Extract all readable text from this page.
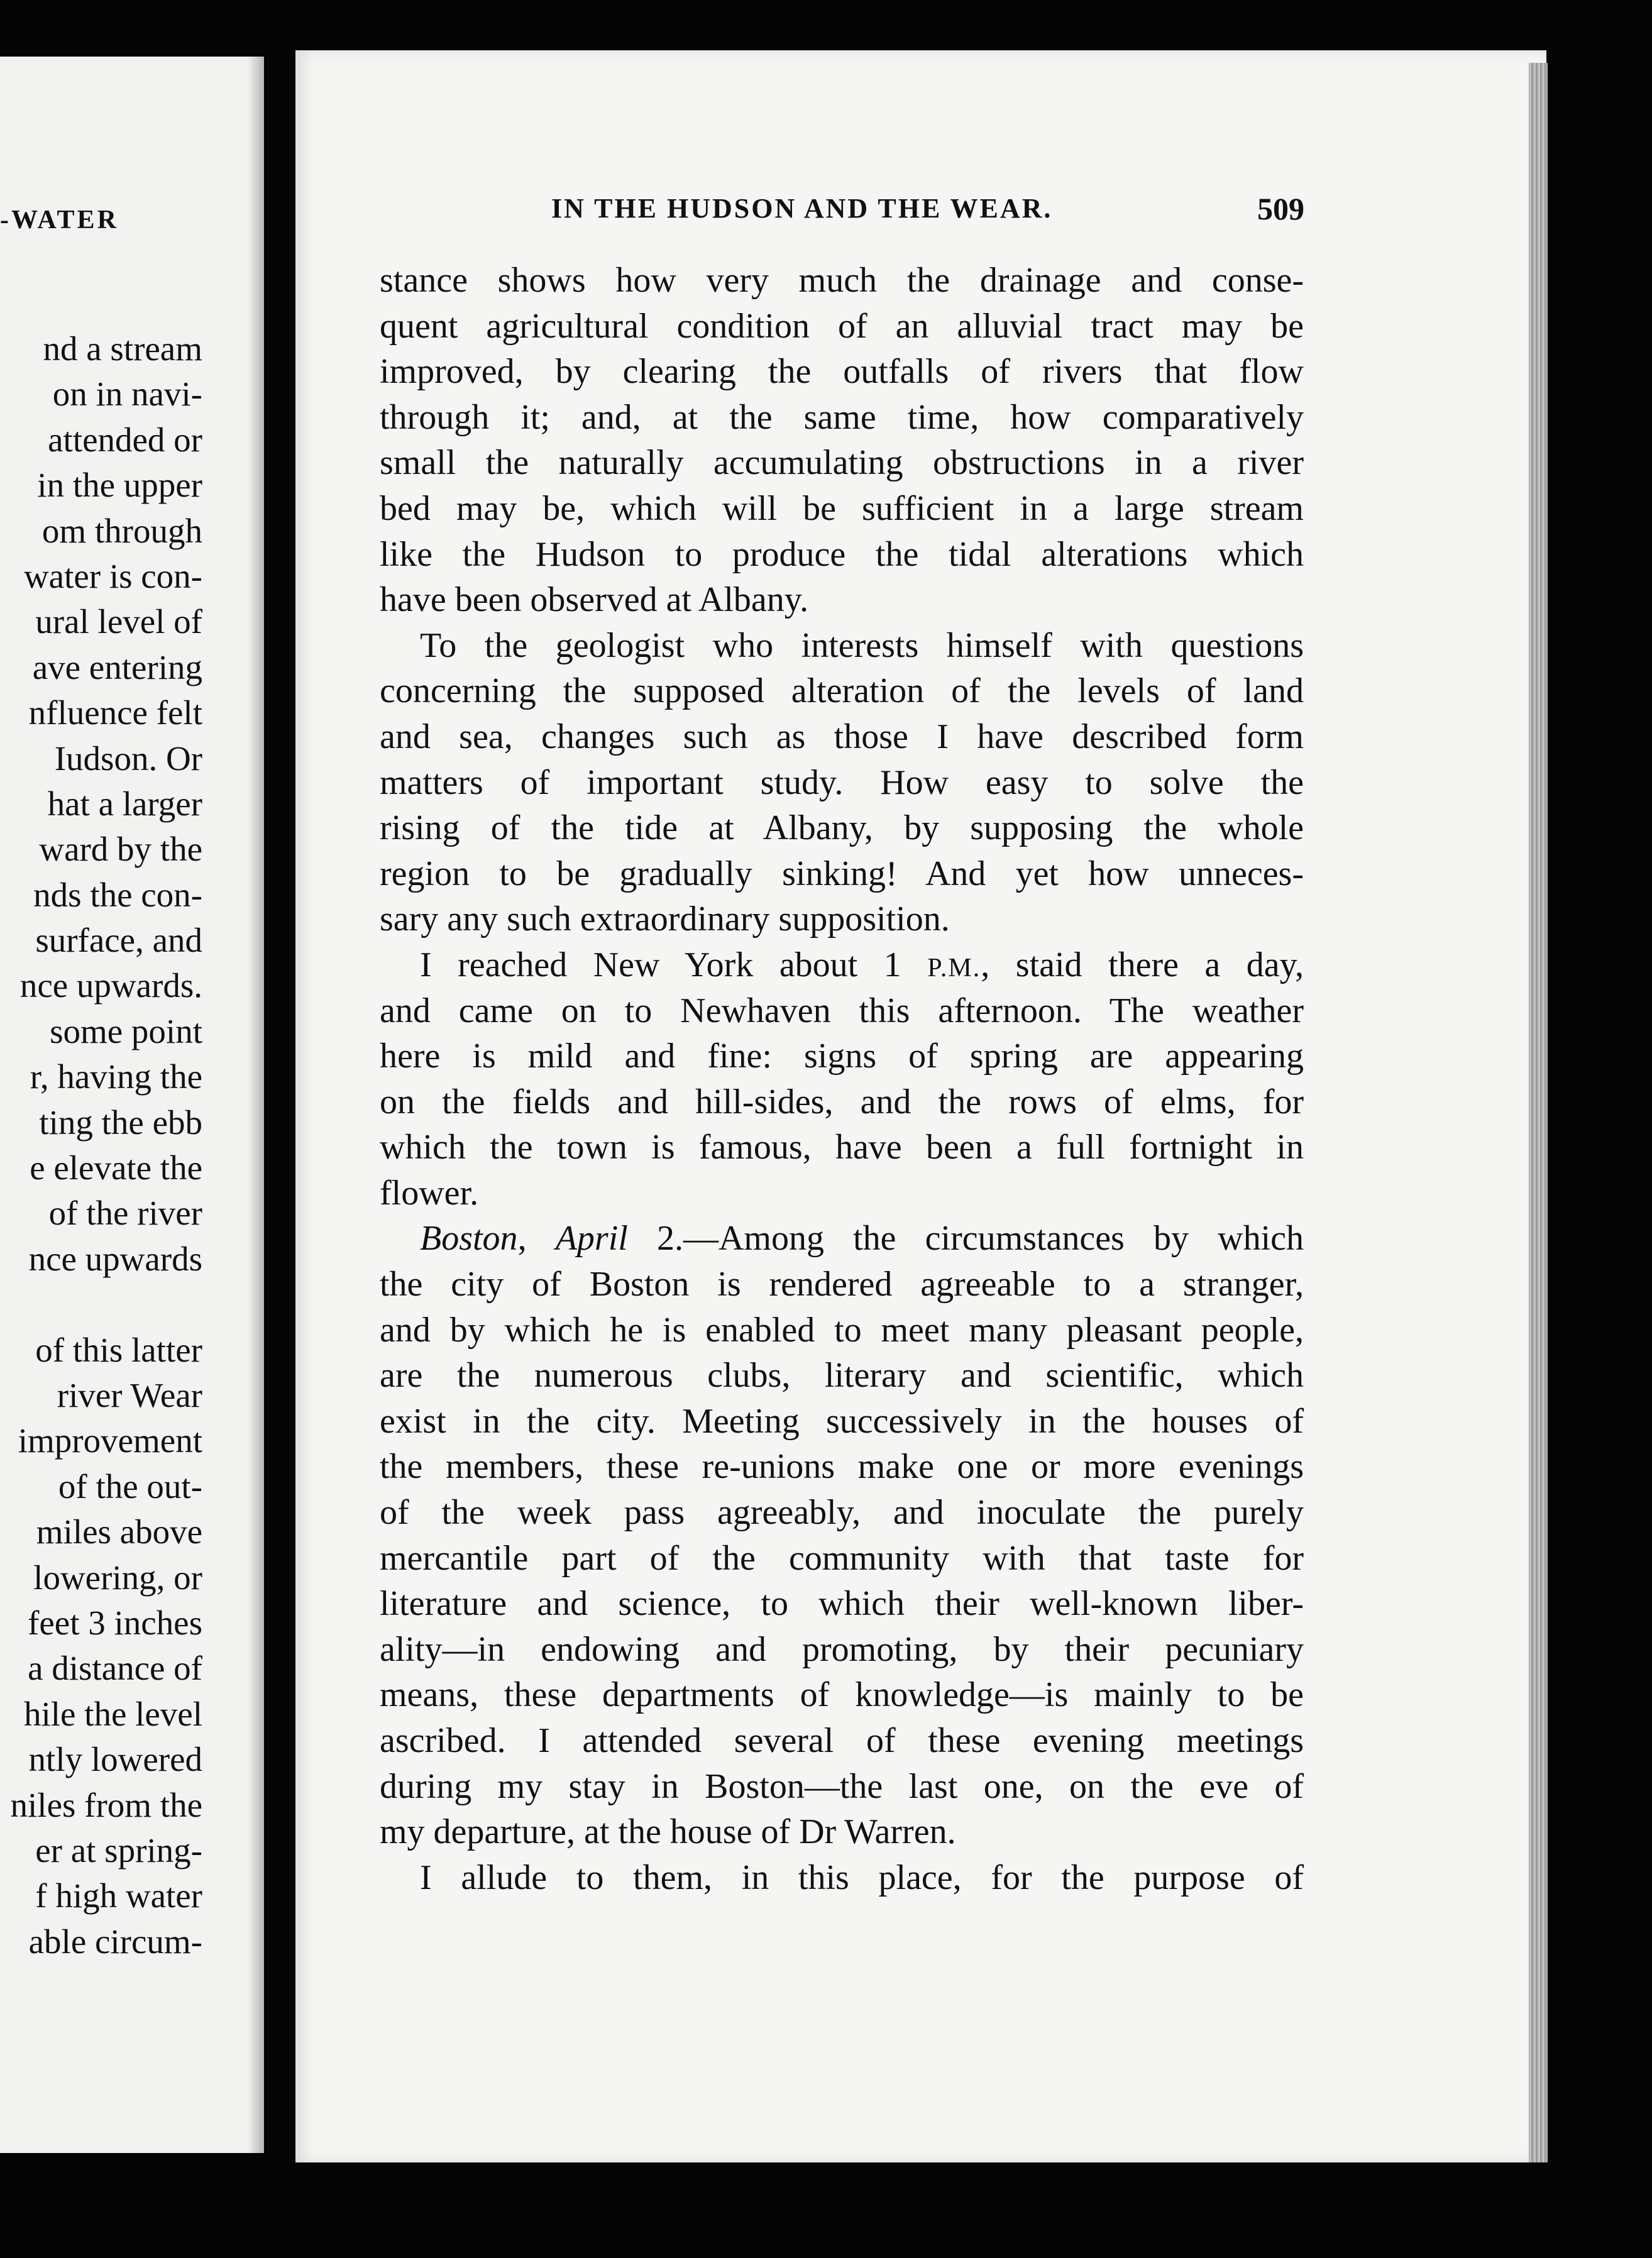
-WATER
nd a stream
on in navi-
attended or
in the upper
om through
water is con-
ural level of
ave entering
nfluence felt
Iudson. Or
hat a larger
ward by the
nds the con-
surface, and
nce upwards.
some point
r, having the
ting the ebb
e elevate the
of the river
nce upwards
of this latter
river Wear
improvement
of the out-
miles above
lowering, or
feet 3 inches
a distance of
hile the level
ntly lowered
niles from the
er at spring-
f high water
able circum-
IN THE HUDSON AND THE WEAR.	509
stance shows how very much the drainage and conse-
quent agricultural condition of an alluvial tract may be
improved, by clearing the outfalls of rivers that flow
through it; and, at the same time, how comparatively
small the naturally accumulating obstructions in a river
bed may be, which will be sufficient in a large stream
like the Hudson to produce the tidal alterations which
have been observed at Albany.
To the geologist who interests himself with questions
concerning the supposed alteration of the levels of land
and sea, changes such as those I have described form
matters of important study. How easy to solve the
rising of the tide at Albany, by supposing the whole
region to be gradually sinking! And yet how unneces-
sary any such extraordinary supposition.
I reached New York about 1 P.M., staid there a day,
and came on to Newhaven this afternoon. The weather
here is mild and fine: signs of spring are appearing
on the fields and hill-sides, and the rows of elms, for
which the town is famous, have been a full fortnight in
flower.
Boston, April 2.—Among the circumstances by which
the city of Boston is rendered agreeable to a stranger,
and by which he is enabled to meet many pleasant people,
are the numerous clubs, literary and scientific, which
exist in the city. Meeting successively in the houses of
the members, these re-unions make one or more evenings
of the week pass agreeably, and inoculate the purely
mercantile part of the community with that taste for
literature and science, to which their well-known liber-
ality—in endowing and promoting, by their pecuniary
means, these departments of knowledge—is mainly to be
ascribed. I attended several of these evening meetings
during my stay in Boston—the last one, on the eve of
my departure, at the house of Dr Warren.
I allude to them, in this place, for the purpose of
